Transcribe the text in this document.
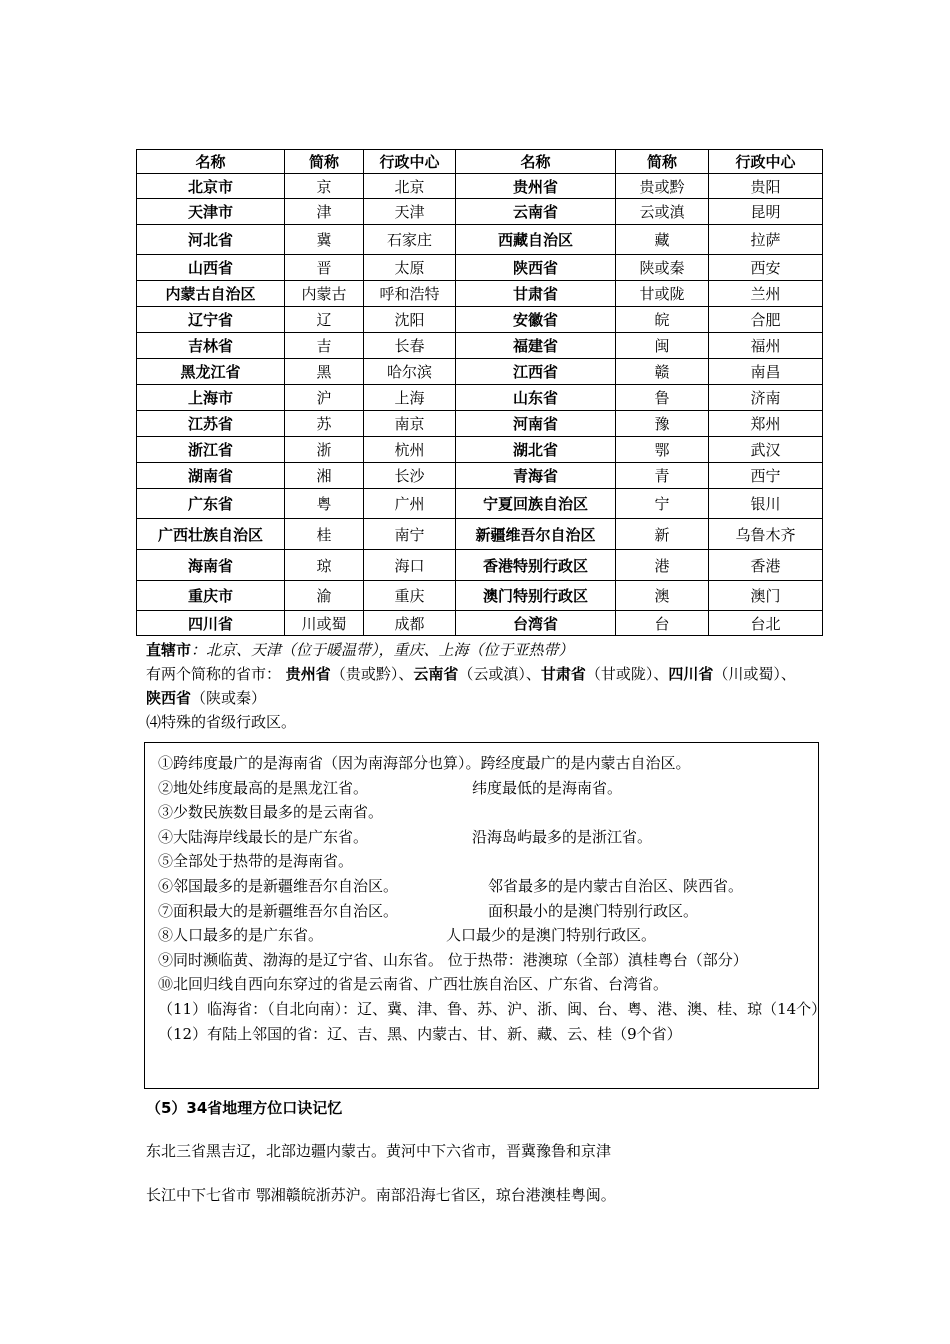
名称	简称	行政中心	名称	简称	行政中心
北京市	京	北京	贵州省	贵或黔	贵阳
天津市	津	天津	云南省	云或滇	昆明
河北省	冀	石家庄	西藏自治区	藏	拉萨
山西省	晋	太原	陕西省	陕或秦	西安
内蒙古自治区	内蒙古	呼和浩特	甘肃省	甘或陇	兰州
辽宁省	辽	沈阳	安徽省	皖	合肥
吉林省	吉	长春	福建省	闽	福州
黑龙江省	黑	哈尔滨	江西省	赣	南昌
上海市	沪	上海	山东省	鲁	济南
江苏省	苏	南京	河南省	豫	郑州
浙江省	浙	杭州	湖北省	鄂	武汉
湖南省	湘	长沙	青海省	青	西宁
广东省	粤	广州	宁夏回族自治区	宁	银川
广西壮族自治区	桂	南宁	新疆维吾尔自治区	新	乌鲁木齐
海南省	琼	海口	香港特别行政区	港	香港
重庆市	渝	重庆	澳门特别行政区	澳	澳门
四川省	川或蜀	成都	台湾省	台	台北
直辖市：北京、天津（位于暖温带），重庆、上海（位于亚热带）
有两个简称的省市： 贵州省（贵或黔）、云南省（云或滇）、甘肃省（甘或陇）、四川省（川或蜀）、
陕西省（陕或秦）
⑷特殊的省级行政区。
①跨纬度最广的是海南省（因为南海部分也算）。跨经度最广的是内蒙古自治区。
②地处纬度最高的是黑龙江省。	纬度最低的是海南省。
③少数民族数目最多的是云南省。
④大陆海岸线最长的是广东省。	沿海岛屿最多的是浙江省。
⑤全部处于热带的是海南省。
⑥邻国最多的是新疆维吾尔自治区。	邻省最多的是内蒙古自治区、陕西省。
⑦面积最大的是新疆维吾尔自治区。	面积最小的是澳门特别行政区。
⑧人口最多的是广东省。	人口最少的是澳门特别行政区。
⑨同时濒临黄、渤海的是辽宁省、山东省。 位于热带：港澳琼（全部）滇桂粤台（部分）
⑩北回归线自西向东穿过的省是云南省、广西壮族自治区、广东省、台湾省。
（11）临海省：（自北向南）：辽、冀、津、鲁、苏、沪、浙、闽、台、粤、港、澳、桂、琼（14个）
（12）有陆上邻国的省：辽、吉、黑、内蒙古、甘、新、藏、云、桂（9个省）
（5）34省地理方位口诀记忆
东北三省黑吉辽，北部边疆内蒙古。黄河中下六省市，晋冀豫鲁和京津
长江中下七省市 鄂湘赣皖浙苏沪。南部沿海七省区，琼台港澳桂粤闽。
